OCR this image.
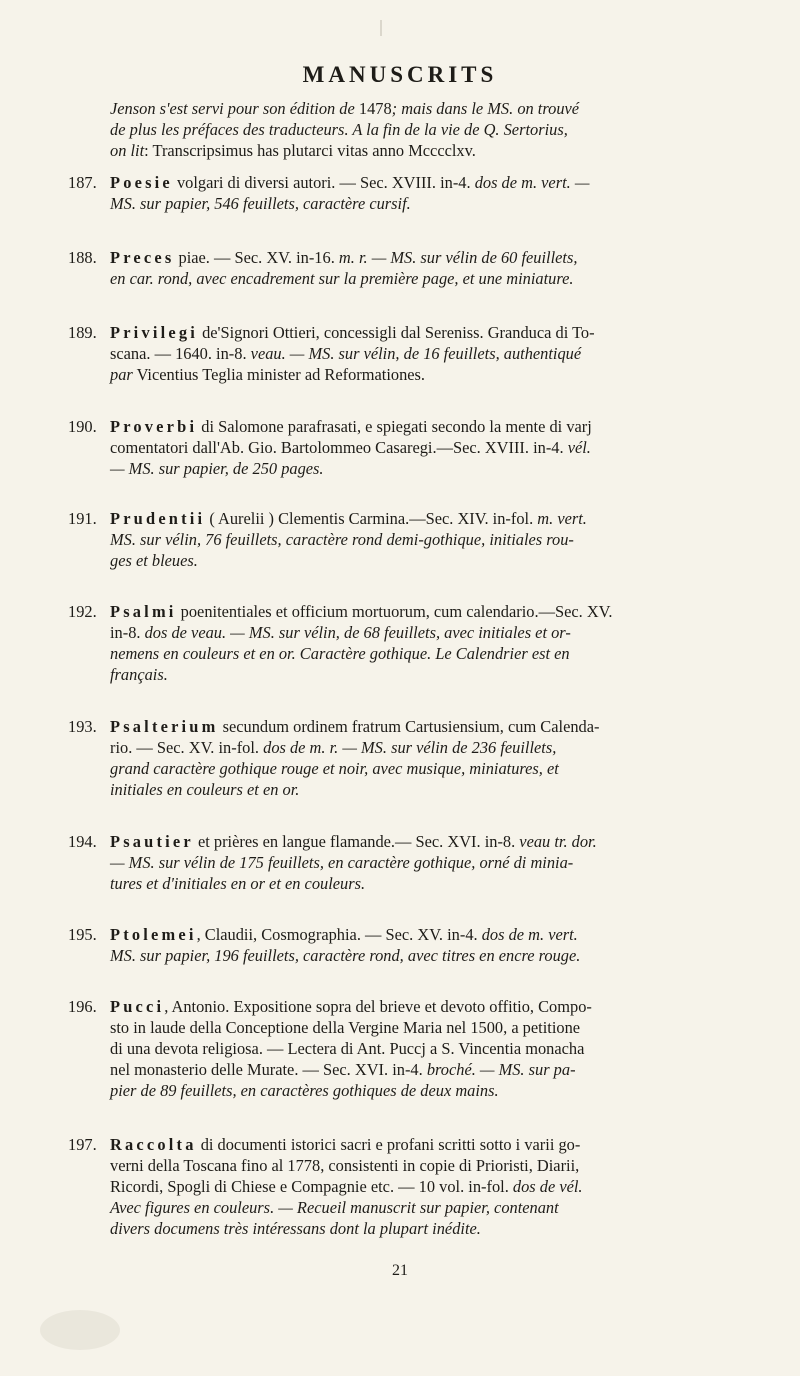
MANUSCRITS
Jenson s'est servi pour son édition de 1478; mais dans le MS. on trouvé
de plus les préfaces des traducteurs. A la fin de la vie de Q. Sertorius,
on lit: Transcripsimus has plutarci vitas anno Mcccclxv.
187. Poesie volgari di diversi autori. — Sec. XVIII. in-4. dos de m. vert. —
MS. sur papier, 546 feuillets, caractère cursif.
188. Preces piae. — Sec. XV. in-16. m. r. — MS. sur vélin de 60 feuillets,
en car. rond, avec encadrement sur la première page, et une miniature.
189. Privilegi de'Signori Ottieri, concessigli dal Sereniss. Granduca di To-
scana. — 1640. in-8. veau. — MS. sur vélin, de 16 feuillets, authentiqué
par Vicentius Teglia minister ad Reformationes.
190. Proverbi di Salomone parafrasati, e spiegati secondo la mente di varj
comentatori dall'Ab. Gio. Bartolommeo Casaregi.—Sec. XVIII. in-4. vél.
— MS. sur papier, de 250 pages.
191. Prudentii ( Aurelii ) Clementis Carmina.—Sec. XIV. in-fol. m. vert.
MS. sur vélin, 76 feuillets, caractère rond demi-gothique, initiales rou-
ges et bleues.
192. Psalmi poenitentiales et officium mortuorum, cum calendario.—Sec. XV.
in-8. dos de veau. — MS. sur vélin, de 68 feuillets, avec initiales et or-
nemens en couleurs et en or. Caractère gothique. Le Calendrier est en
français.
193. Psalterium secundum ordinem fratrum Cartusiensium, cum Calenda-
rio. — Sec. XV. in-fol. dos de m. r. — MS. sur vélin de 236 feuillets,
grand caractère gothique rouge et noir, avec musique, miniatures, et
initiales en couleurs et en or.
194. Psautier et prières en langue flamande.— Sec. XVI. in-8. veau tr. dor.
— MS. sur vélin de 175 feuillets, en caractère gothique, orné di minia-
tures et d'initiales en or et en couleurs.
195. Ptolemei, Claudii, Cosmographia. — Sec. XV. in-4. dos de m. vert.
MS. sur papier, 196 feuillets, caractère rond, avec titres en encre rouge.
196. Pucci, Antonio. Expositione sopra del brieve et devoto offitio, Compo-
sto in laude della Conceptione della Vergine Maria nel 1500, a petitione
di una devota religiosa. — Lectera di Ant. Puccj a S. Vincentia monacha
nel monasterio delle Murate. — Sec. XVI. in-4. broché. — MS. sur pa-
pier de 89 feuillets, en caractères gothiques de deux mains.
197. Raccolta di documenti istorici sacri e profani scritti sotto i varii go-
verni della Toscana fino al 1778, consistenti in copie di Prioristi, Diarii,
Ricordi, Spogli di Chiese e Compagnie etc. — 10 vol. in-fol. dos de vél.
Avec figures en couleurs. — Recueil manuscrit sur papier, contenant
divers documens très intéressans dont la plupart inédite.
21
